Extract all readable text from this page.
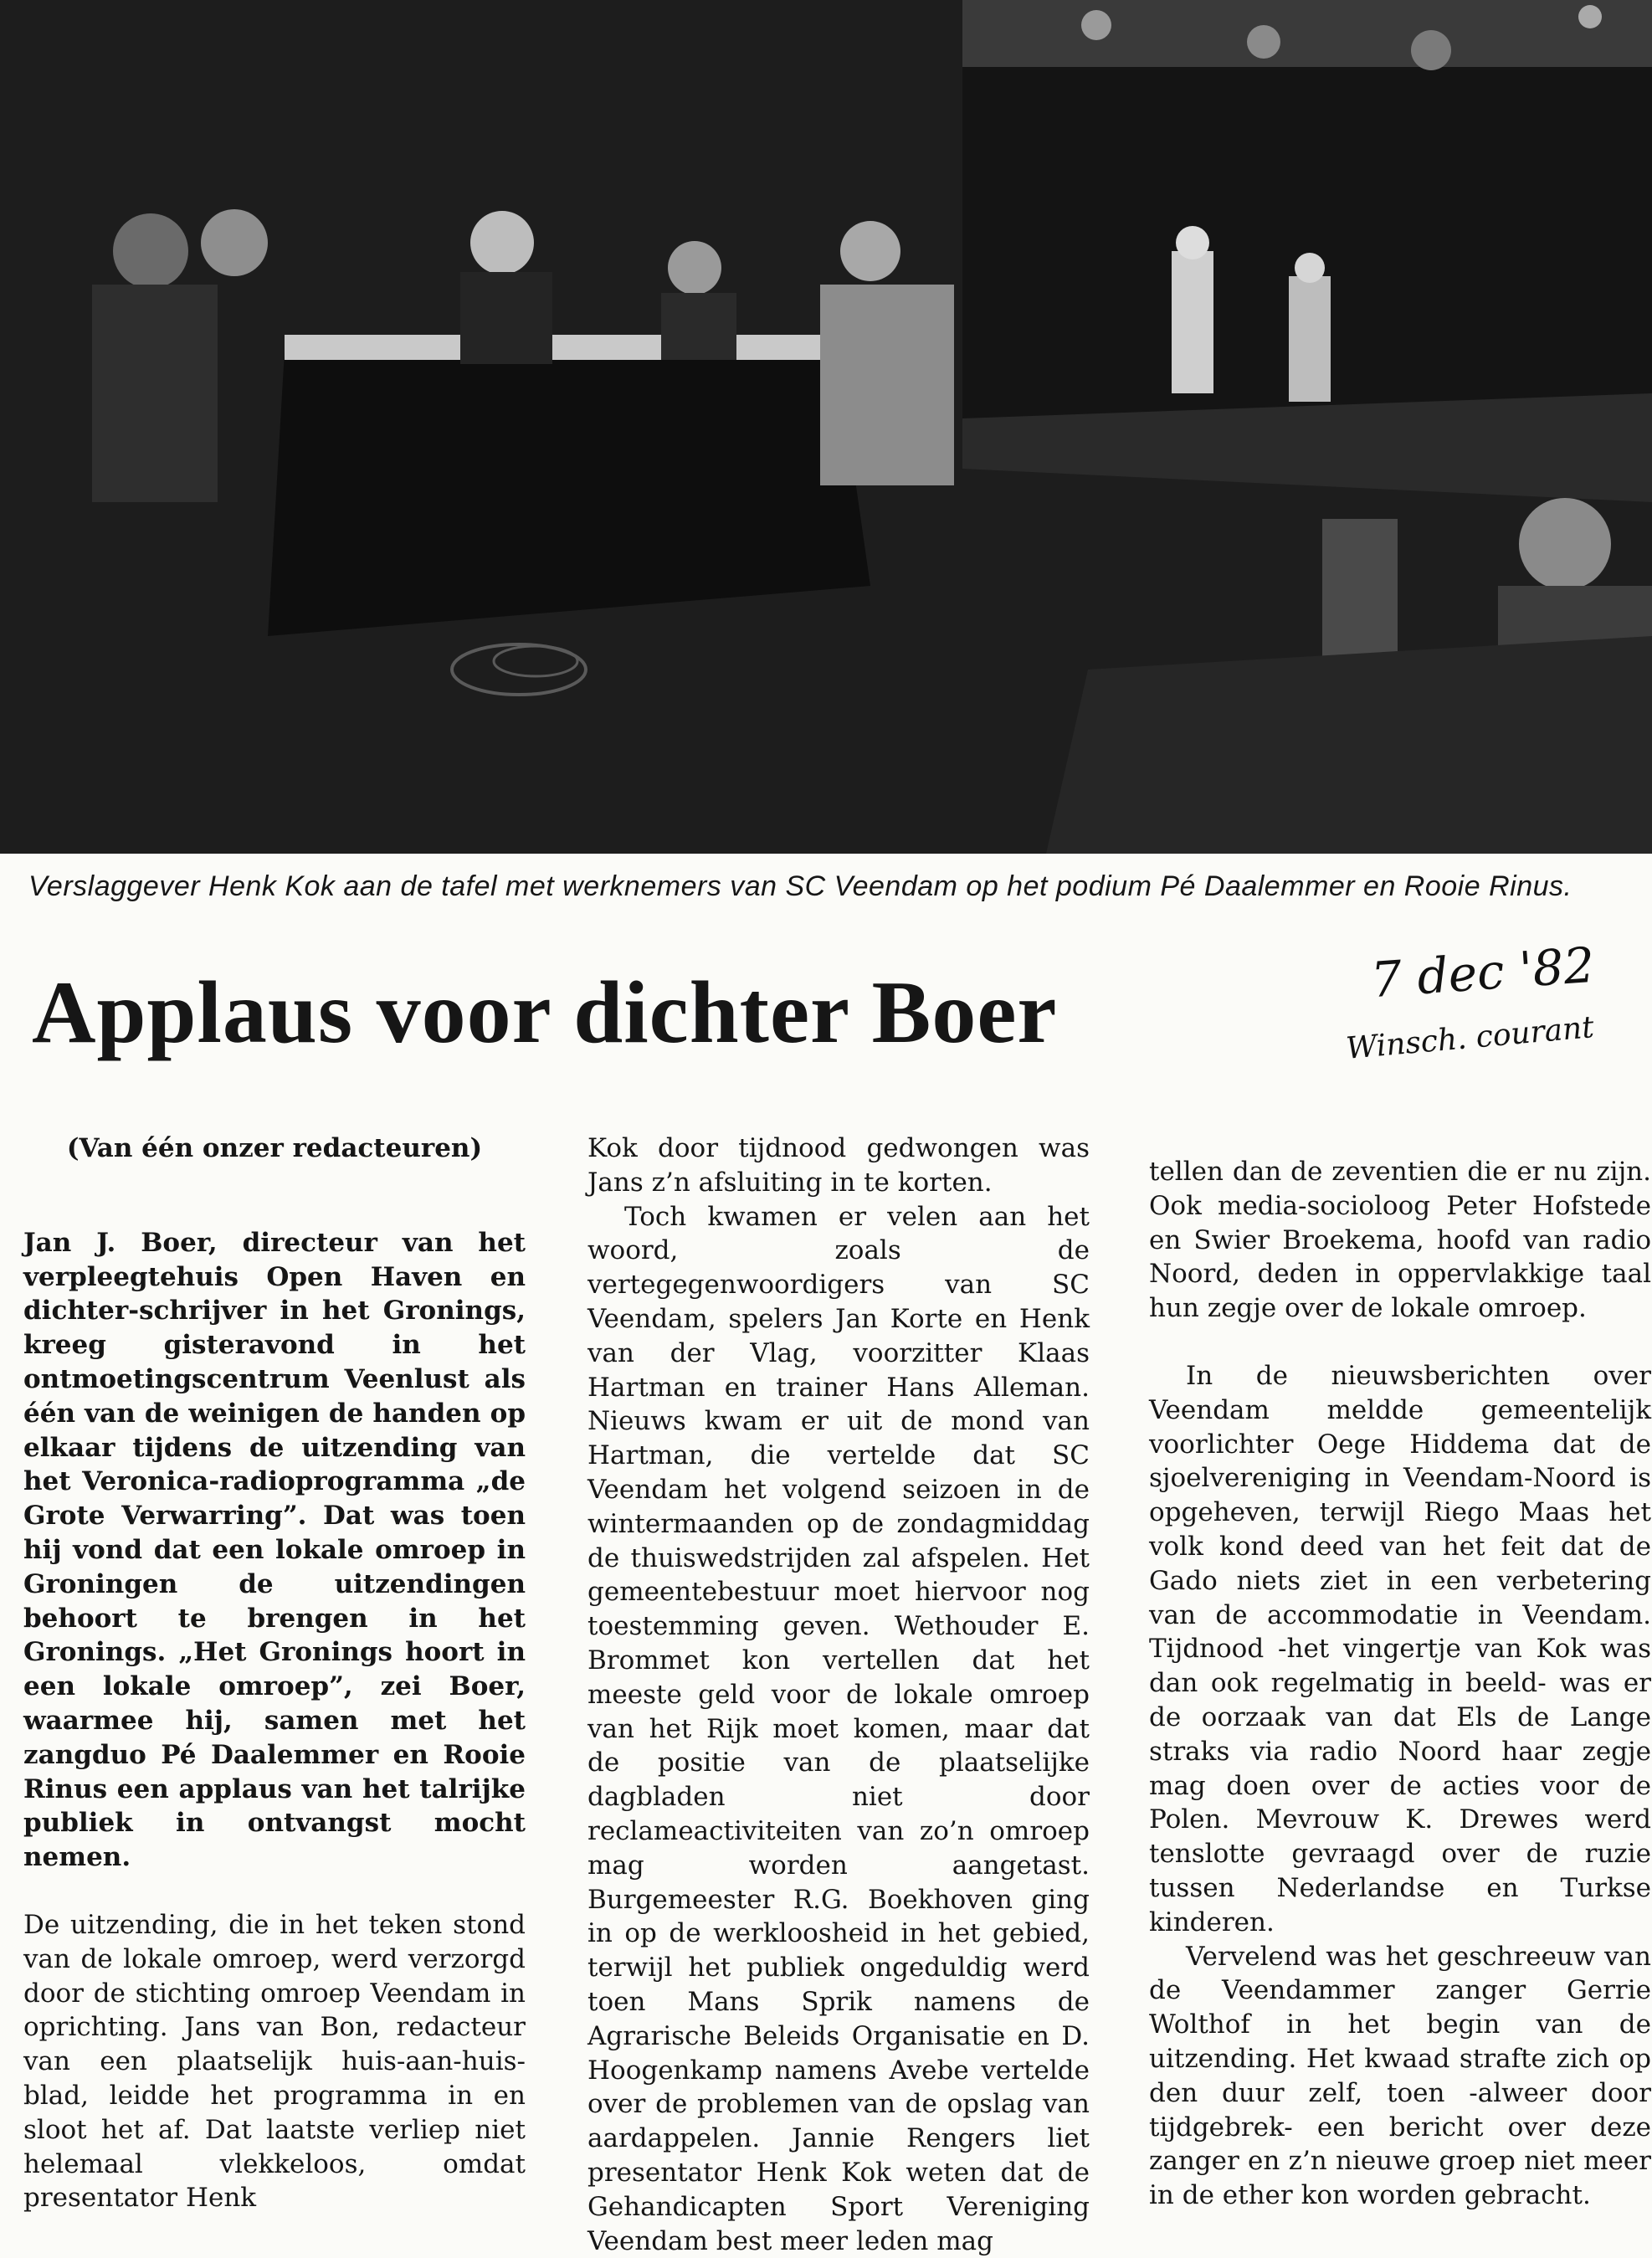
Verslaggever Henk Kok aan de tafel met werknemers van SC Veendam op het podium Pé Daalemmer en Rooie Rinus.
Applaus voor dichter Boer	7 dec '82
Winsch. courant

(Van één onzer redacteuren)

Jan J. Boer, directeur van het verpleegtehuis Open Haven en dichter-schrijver in het Gronings, kreeg gisteravond in het ontmoetingscentrum Veenlust als één van de weinigen de handen op elkaar tijdens de uitzending van het Veronica-radioprogramma „de Grote Verwarring”. Dat was toen hij vond dat een lokale omroep in Groningen de uitzendingen behoort te brengen in het Gronings. „Het Gronings hoort in een lokale omroep”, zei Boer, waarmee hij, samen met het zangduo Pé Daalemmer en Rooie Rinus een applaus van het talrijke publiek in ontvangst mocht nemen.

De uitzending, die in het teken stond van de lokale omroep, werd verzorgd door de stichting omroep Veendam in oprichting. Jans van Bon, redacteur van een plaatselijk huis-aan-huis-blad, leidde het programma in en sloot het af. Dat laatste verliep niet helemaal vlekkeloos, omdat presentator Henk

Kok door tijdnood gedwongen was Jans z’n afsluiting in te korten.

Toch kwamen er velen aan het woord, zoals de vertegegenwoordigers van SC Veendam, spelers Jan Korte en Henk van der Vlag, voorzitter Klaas Hartman en trainer Hans Alleman. Nieuws kwam er uit de mond van Hartman, die vertelde dat SC Veendam het volgend seizoen in de wintermaanden op de zondagmiddag de thuiswedstrijden zal afspelen. Het gemeentebestuur moet hiervoor nog toestemming geven. Wethouder E. Brommet kon vertellen dat het meeste geld voor de lokale omroep van het Rijk moet komen, maar dat de positie van de plaatselijke dagbladen niet door reclameactiviteiten van zo’n omroep mag worden aangetast. Burgemeester R.G. Boekhoven ging in op de werkloosheid in het gebied, terwijl het publiek ongeduldig werd toen Mans Sprik namens de Agrarische Beleids Organisatie en D. Hoogenkamp namens Avebe vertelde over de problemen van de opslag van aardappelen. Jannie Rengers liet presentator Henk Kok weten dat de Gehandicapten Sport Vereniging Veendam best meer leden mag

tellen dan de zeventien die er nu zijn. Ook media-socioloog Peter Hofstede en Swier Broekema, hoofd van radio Noord, deden in oppervlakkige taal hun zegje over de lokale omroep.

In de nieuwsberichten over Veendam meldde gemeentelijk voorlichter Oege Hiddema dat de sjoelvereniging in Veendam-Noord is opgeheven, terwijl Riego Maas het volk kond deed van het feit dat de Gado niets ziet in een verbetering van de accommodatie in Veendam. Tijdnood -het vingertje van Kok was dan ook regelmatig in beeld- was er de oorzaak van dat Els de Lange straks via radio Noord haar zegje mag doen over de acties voor de Polen. Mevrouw K. Drewes werd tenslotte gevraagd over de ruzie tussen Nederlandse en Turkse kinderen.

Vervelend was het geschreeuw van de Veendammer zanger Gerrie Wolthof in het begin van de uitzending. Het kwaad strafte zich op den duur zelf, toen -alweer door tijdgebrek- een bericht over deze zanger en z’n nieuwe groep niet meer in de ether kon worden gebracht.
